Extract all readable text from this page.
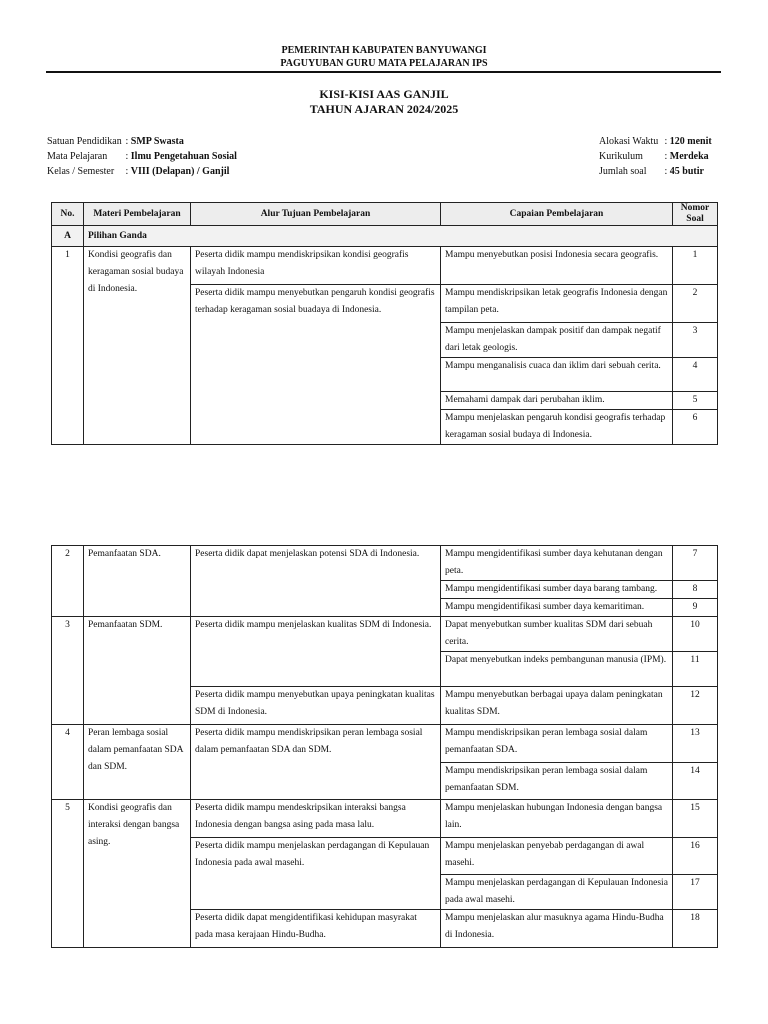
PEMERINTAH KABUPATEN BANYUWANGI
PAGUYUBAN GURU MATA PELAJARAN IPS
KISI-KISI AAS GANJIL
TAHUN AJARAN 2024/2025
Satuan Pendidikan : SMP Swasta
Mata Pelajaran : Ilmu Pengetahuan Sosial
Kelas / Semester : VIII (Delapan) / Ganjil
Alokasi Waktu : 120 menit
Kurikulum : Merdeka
Jumlah soal : 45 butir
No.	Materi Pembelajaran	Alur Tujuan Pembelajaran	Capaian Pembelajaran	Nomor Soal
A	Pilihan Ganda			
1	Kondisi geografis dan keragaman sosial budaya di Indonesia.	Peserta didik mampu mendiskripsikan kondisi geografis wilayah Indonesia	Mampu menyebutkan posisi Indonesia secara geografis.	1
		Peserta didik mampu menyebutkan pengaruh kondisi geografis terhadap keragaman sosial buadaya di Indonesia.	Mampu mendiskripsikan letak geografis Indonesia dengan tampilan peta.	2
			Mampu menjelaskan dampak positif dan dampak negatif dari letak geologis.	3
			Mampu menganalisis cuaca dan iklim dari sebuah cerita.	4
			Memahami dampak dari perubahan iklim.	5
			Mampu menjelaskan pengaruh kondisi geografis terhadap keragaman sosial budaya di Indonesia.	6
2	Pemanfaatan SDA.	Peserta didik dapat menjelaskan potensi SDA di Indonesia.	Mampu mengidentifikasi sumber daya kehutanan dengan peta.	7
			Mampu mengidentifikasi sumber daya barang tambang.	8
			Mampu mengidentifikasi sumber daya kemaritiman.	9
3	Pemanfaatan SDM.	Peserta didik mampu menjelaskan kualitas SDM di Indonesia.	Dapat menyebutkan sumber kualitas SDM dari sebuah cerita.	10
			Dapat menyebutkan indeks pembangunan manusia (IPM).	11
		Peserta didik mampu menyebutkan upaya peningkatan kualitas SDM di Indonesia.	Mampu menyebutkan berbagai upaya dalam peningkatan kualitas SDM.	12
4	Peran lembaga sosial dalam pemanfaatan SDA dan SDM.	Peserta didik mampu mendiskripsikan peran lembaga sosial dalam pemanfaatan SDA dan SDM.	Mampu mendiskripsikan peran lembaga sosial dalam pemanfaatan SDA.	13
			Mampu mendiskripsikan peran lembaga sosial dalam pemanfaatan SDM.	14
5	Kondisi geografis dan interaksi dengan bangsa asing.	Peserta didik mampu mendeskripsikan interaksi bangsa Indonesia dengan bangsa asing pada masa lalu.	Mampu menjelaskan hubungan Indonesia dengan bangsa lain.	15
		Peserta didik mampu menjelaskan perdagangan di Kepulauan Indonesia pada awal masehi.	Mampu menjelaskan penyebab perdagangan di awal masehi.	16
			Mampu menjelaskan perdagangan di Kepulauan Indonesia pada awal masehi.	17
		Peserta didik dapat mengidentifikasi kehidupan masyrakat pada masa kerajaan Hindu-Budha.	Mampu menjelaskan alur masuknya agama Hindu-Budha di Indonesia.	18
